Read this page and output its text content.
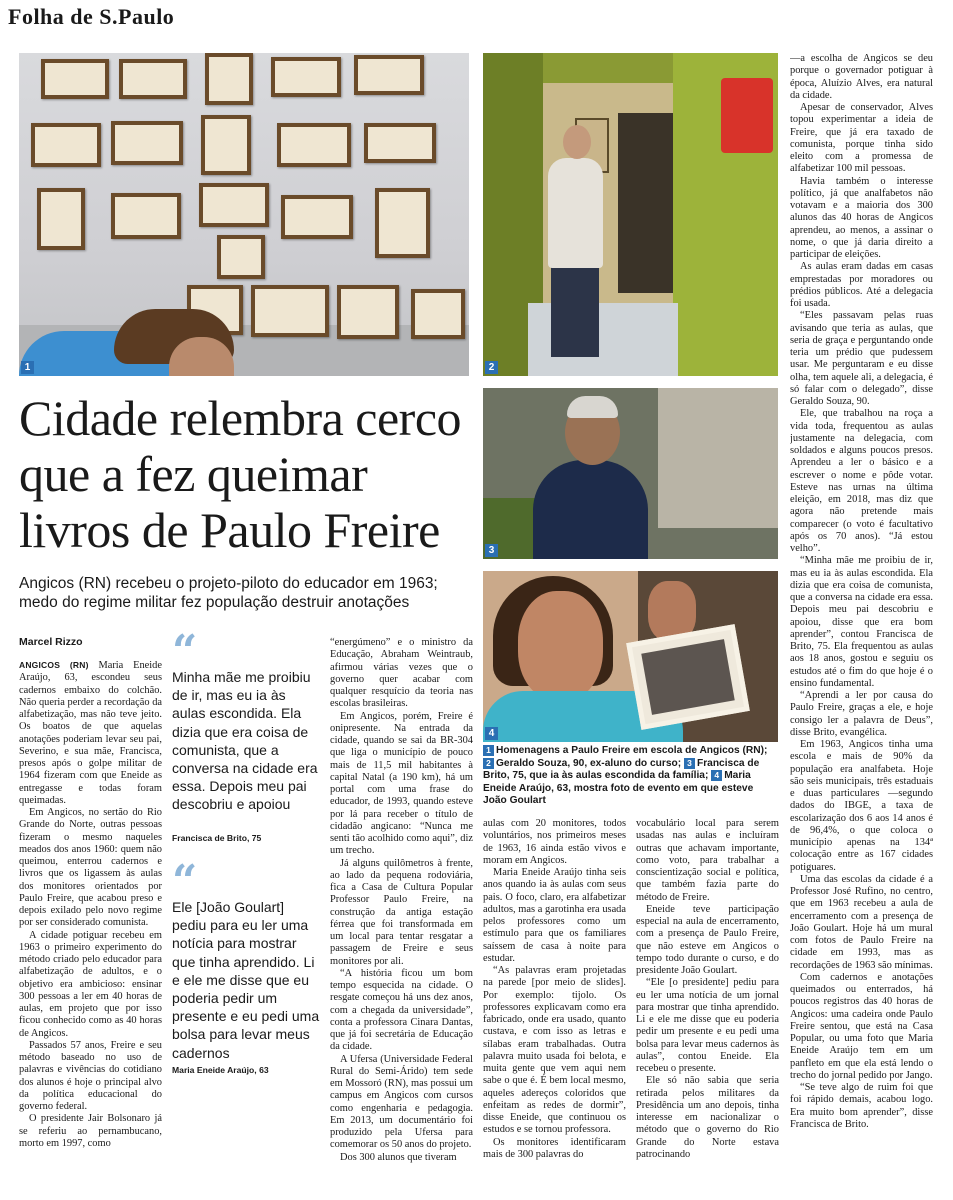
Folha de S.Paulo
1	2
3
4
Cidade relembra cerco que a fez queimar livros de Paulo Freire
Angicos (RN) recebeu o projeto-piloto do educador em 1963; medo do regime militar fez população destruir anotações
Marcel Rizzo

ANGICOS (RN) Maria Eneide Araújo, 63, escondeu seus cadernos embaixo do colchão. Não queria perder a recordação da alfabetização, mas não teve jeito. Os boatos de que aquelas anotações poderiam levar seu pai, Severino, e sua mãe, Francisca, presos após o golpe militar de 1964 fizeram com que Eneide as entregasse e todas foram queimadas.

Em Angicos, no sertão do Rio Grande do Norte, outras pessoas fizeram o mesmo naqueles meados dos anos 1960: quem não queimou, enterrou cadernos e livros que os ligassem às aulas dos monitores orientados por Paulo Freire, que acabou preso e depois exilado pelo novo regime por ser considerado comunista.

A cidade potiguar recebeu em 1963 o primeiro experimento do método criado pelo educador para alfabetização de adultos, e o objetivo era ambicioso: ensinar 300 pessoas a ler em 40 horas de aulas, em projeto que por isso ficou conhecido como as 40 horas de Angicos.

Passados 57 anos, Freire e seu método baseado no uso de palavras e vivências do cotidiano dos alunos é hoje o principal alvo da política educacional do governo federal.

O presidente Jair Bolsonaro já se referiu ao pernambucano, morto em 1997, como

“
Minha mãe me proibiu de ir, mas eu ia às aulas escondida. Ela dizia que era coisa de comunista, que a conversa na cidade era essa. Depois meu pai descobriu e apoiou
Francisca de Brito, 75
“
Ele [João Goulart] pediu para eu ler uma notícia para mostrar que tinha aprendido. Li e ele me disse que eu poderia pedir um presente e eu pedi uma bolsa para levar meus cadernos
Maria Eneide Araújo, 63

“energúmeno” e o ministro da Educação, Abraham Weintraub, afirmou várias vezes que o governo quer acabar com qualquer resquício da teoria nas escolas brasileiras.

Em Angicos, porém, Freire é onipresente. Na entrada da cidade, quando se sai da BR-304 que liga o município de pouco mais de 11,5 mil habitantes à capital Natal (a 190 km), há um portal com uma frase do educador, de 1993, quando esteve por lá para receber o título de cidadão angicano: “Nunca me senti tão acolhido como aqui”, diz um trecho.

Já alguns quilômetros à frente, ao lado da pequena rodoviária, fica a Casa de Cultura Popular Professor Paulo Freire, na construção da antiga estação férrea que foi transformada em um local para tentar resgatar a passagem de Freire e seus monitores por ali.

“A história ficou um bom tempo esquecida na cidade. O resgate começou há uns dez anos, com a chegada da universidade”, conta a professora Cinara Dantas, que já foi secretária de Educação da cidade.

A Ufersa (Universidade Federal Rural do Semi-Árido) tem sede em Mossoró (RN), mas possui um campus em Angicos com cursos como engenharia e pedagogia. Em 2013, um documentário foi produzido pela Ufersa para comemorar os 50 anos do projeto.

Dos 300 alunos que tiveram

1 Homenagens a Paulo Freire em escola de Angicos (RN); 2 Geraldo Souza, 90, ex-aluno do curso; 3 Francisca de Brito, 75, que ia às aulas escondida da família; 4 Maria Eneide Araújo, 63, mostra foto de evento em que esteve João Goulart

aulas com 20 monitores, todos voluntários, nos primeiros meses de 1963, 16 ainda estão vivos e moram em Angicos.

Maria Eneide Araújo tinha seis anos quando ia às aulas com seus pais. O foco, claro, era alfabetizar adultos, mas a garotinha era usada pelos professores como um estímulo para que os familiares saíssem de casa à noite para estudar.

“As palavras eram projetadas na parede [por meio de slides]. Por exemplo: tijolo. Os professores explicavam como era fabricado, onde era usado, quanto custava, e com isso as letras e sílabas eram trabalhadas. Outra palavra muito usada foi belota, e muita gente que vem aqui nem sabe o que é. É bem local mesmo, aqueles adereços coloridos que enfeitam as redes de dormir”, disse Eneide, que continuou os estudos e se tornou professora.

Os monitores identificaram mais de 300 palavras do

vocabulário local para serem usadas nas aulas e incluíram outras que achavam importante, como voto, para trabalhar a conscientização social e política, que também fazia parte do método de Freire.

Eneide teve participação especial na aula de encerramento, com a presença de Paulo Freire, que não esteve em Angicos o tempo todo durante o curso, e do presidente João Goulart.

“Ele [o presidente] pediu para eu ler uma notícia de um jornal para mostrar que tinha aprendido. Li e ele me disse que eu poderia pedir um presente e eu pedi uma bolsa para levar meus cadernos às aulas”, contou Eneide. Ela recebeu o presente.

Ele só não sabia que seria retirada pelos militares da Presidência um ano depois, tinha interesse em nacionalizar o método que o governo do Rio Grande do Norte estava patrocinando

—a escolha de Angicos se deu porque o governador potiguar à época, Aluízio Alves, era natural da cidade.

Apesar de conservador, Alves topou experimentar a ideia de Freire, que já era taxado de comunista, porque tinha sido eleito com a promessa de alfabetizar 100 mil pessoas.

Havia também o interesse político, já que analfabetos não votavam e a maioria dos 300 alunos das 40 horas de Angicos aprendeu, ao menos, a assinar o nome, o que já daria direito a participar de eleições.

As aulas eram dadas em casas emprestadas por moradores ou prédios públicos. Até a delegacia foi usada.

“Eles passavam pelas ruas avisando que teria as aulas, que seria de graça e perguntando onde teria um prédio que pudessem usar. Me perguntaram e eu disse olha, tem aquele ali, a delegacia, é só falar com o delegado”, disse Geraldo Souza, 90.

Ele, que trabalhou na roça a vida toda, frequentou as aulas justamente na delegacia, com soldados e alguns poucos presos. Aprendeu a ler o básico e a escrever o nome e pôde votar. Esteve nas urnas na última eleição, em 2018, mas diz que agora não pretende mais comparecer (o voto é facultativo após os 70 anos). “Já estou velho”.

“Minha mãe me proibiu de ir, mas eu ia às aulas escondida. Ela dizia que era coisa de comunista, que a conversa na cidade era essa. Depois meu pai descobriu e apoiou, disse que era bom aprender”, contou Francisca de Brito, 75. Ela frequentou as aulas aos 18 anos, gostou e seguiu os estudos até o fim do que hoje é o ensino fundamental.

“Aprendi a ler por causa do Paulo Freire, graças a ele, e hoje consigo ler a palavra de Deus”, disse Brito, evangélica.

Em 1963, Angicos tinha uma escola e mais de 90% da população era analfabeta. Hoje são seis municipais, três estaduais e duas particulares —segundo dados do IBGE, a taxa de escolarização dos 6 aos 14 anos é de 96,4%, o que coloca o município apenas na 134ª colocação entre as 167 cidades potiguares.

Uma das escolas da cidade é a Professor José Rufino, no centro, que em 1963 recebeu a aula de encerramento com a presença de João Goulart. Hoje há um mural com fotos de Paulo Freire na cidade em 1993, mas as recordações de 1963 são mínimas.

Com cadernos e anotações queimados ou enterrados, há poucos registros das 40 horas de Angicos: uma cadeira onde Paulo Freire sentou, que está na Casa Popular, ou uma foto que Maria Eneide Araújo tem em um panfleto em que ela está lendo o trecho do jornal pedido por Jango.

“Se teve algo de ruim foi que foi rápido demais, acabou logo. Era muito bom aprender”, disse Francisca de Brito.
